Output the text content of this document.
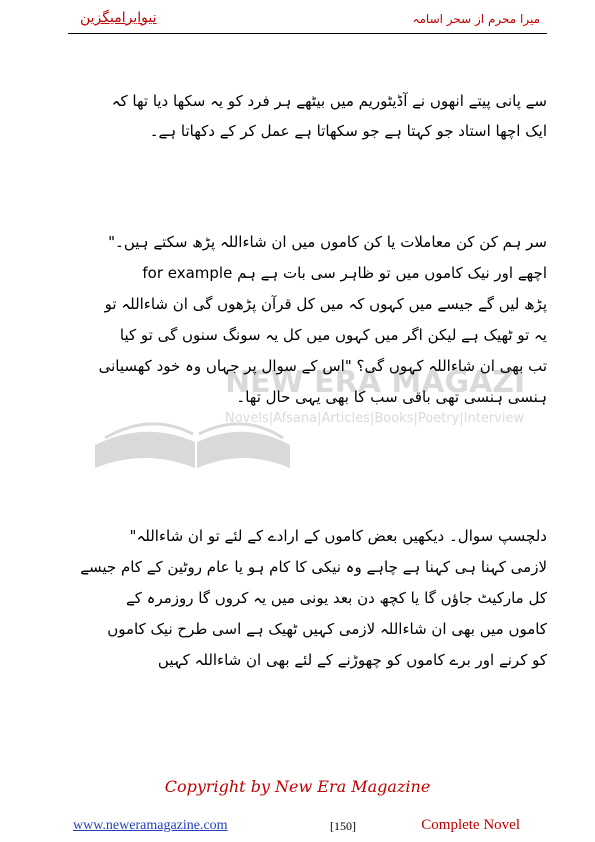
نیوایرامیگزین	میرا محرم از سحر اسامہ
NEW ERA MAGAZI
Novels|Afsana|Articles|Books|Poetry|Interviews
سے پانی پیتے انھوں نے آڈیٹوریم میں بیٹھے ہر فرد کو یہ سکھا دیا تھا کہ
ایک اچھا استاد جو کہتا ہے جو سکھاتا ہے عمل کر کے دکھاتا ہے۔
سر ہم کن کن معاملات یا کن کاموں میں ان شاءاللہ پڑھ سکتے ہیں۔"
اچھے اور نیک کاموں میں تو ظاہر سی بات ہے ہم for example
پڑھ لیں گے جیسے میں کہوں کہ میں کل قرآن پڑھوں گی ان شاءاللہ تو
یہ تو ٹھیک ہے لیکن اگر میں کہوں میں کل یہ سونگ سنوں گی تو کیا
تب بھی ان شاءاللہ کہوں گی؟ "اس کے سوال پر جہاں وہ خود کھسیانی
ہنسی ہنسی تھی باقی سب کا بھی یہی حال تھا۔
دلچسپ سوال۔ دیکھیں بعض کاموں کے ارادے کے لئے تو ان شاءاللہ"
لازمی کہنا ہی کہنا ہے چاہے وہ نیکی کا کام ہو یا عام روٹین کے کام جیسے
کل مارکیٹ جاؤں گا یا کچھ دن بعد یونی میں یہ کروں گا روزمرہ کے
کاموں میں بھی ان شاءاللہ لازمی کہیں ٹھیک ہے اسی طرح نیک کاموں
کو کرنے اور برے کاموں کو چھوڑنے کے لئے بھی ان شاءاللہ کہیں
Copyright by New Era Magazine
www.neweramagazine.com	[150]	Complete Novel
